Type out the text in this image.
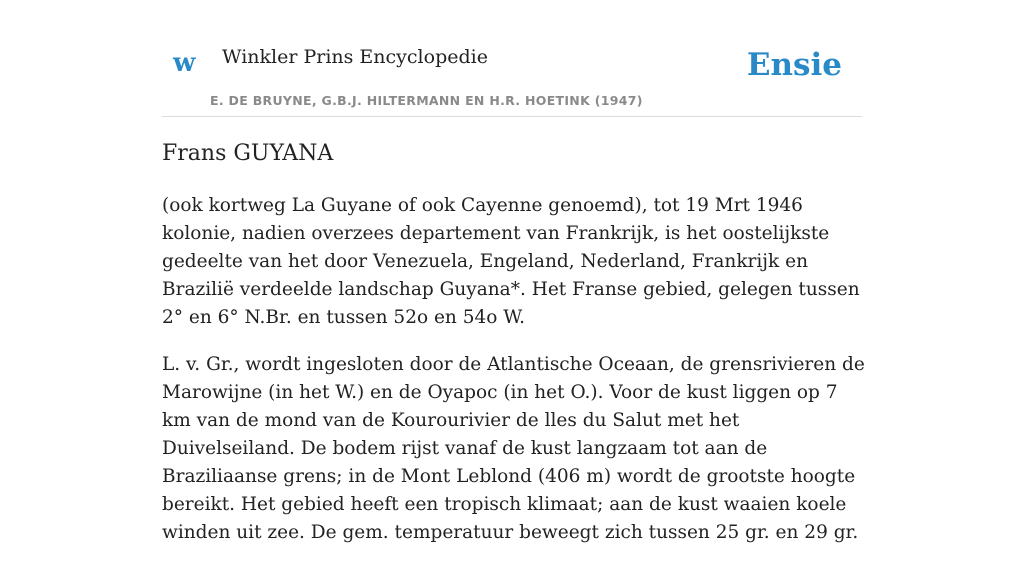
w Winkler Prins Encyclopedie	Ensie
E. DE BRUYNE, G.B.J. HILTERMANN EN H.R. HOETINK (1947)
Frans GUYANA

(ook kortweg La Guyane of ook Cayenne genoemd), tot 19 Mrt 1946 kolonie, nadien overzees departement van Frankrijk, is het oostelijkste gedeelte van het door Venezuela, Engeland, Nederland, Frankrijk en Brazilië verdeelde landschap Guyana*. Het Franse gebied, gelegen tussen 2° en 6° N.Br. en tussen 52o en 54o W.

L. v. Gr., wordt ingesloten door de Atlantische Oceaan, de grensrivieren de Marowijne (in het W.) en de Oyapoc (in het O.). Voor de kust liggen op 7 km van de mond van de Kourourivier de lles du Salut met het Duivelseiland. De bodem rijst vanaf de kust langzaam tot aan de Braziliaanse grens; in de Mont Leblond (406 m) wordt de grootste hoogte bereikt. Het gebied heeft een tropisch klimaat; aan de kust waaien koele winden uit zee. De gem. temperatuur beweegt zich tussen 25 gr. en 29 gr.
